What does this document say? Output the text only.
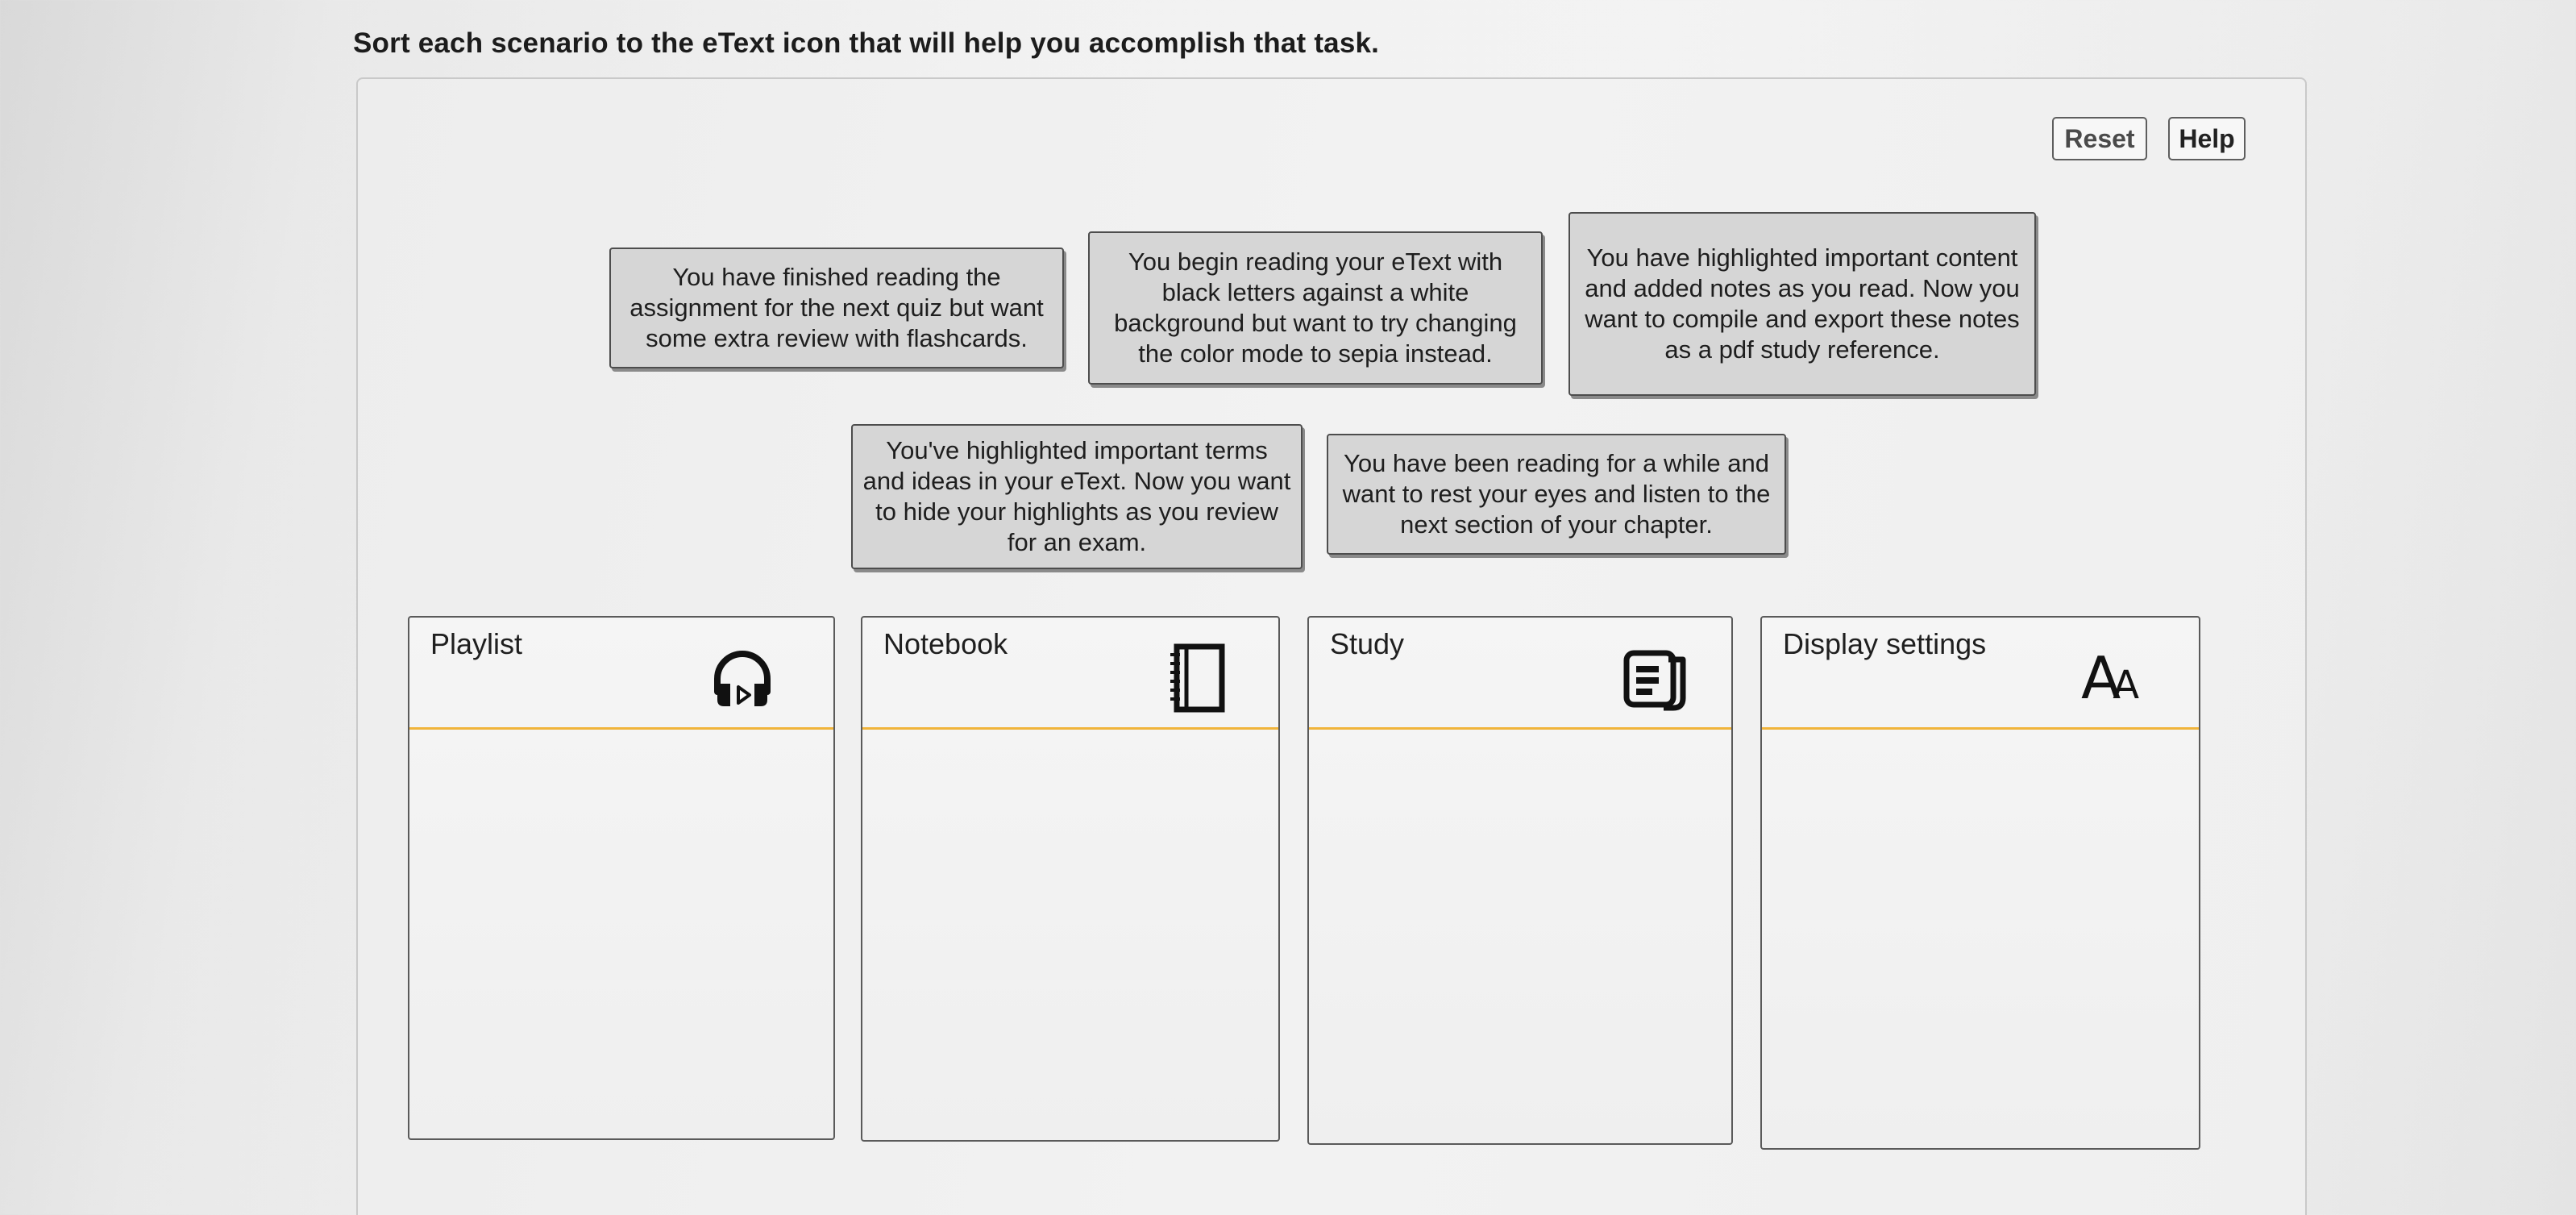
Sort each scenario to the eText icon that will help you accomplish that task.
Reset	Help
You have finished reading the assignment for the next quiz but want some extra review with flashcards.
You begin reading your eText with black letters against a white background but want to try changing the color mode to sepia instead.
You have highlighted important content and added notes as you read. Now you want to compile and export these notes as a pdf study reference.
You've highlighted important terms and ideas in your eText. Now you want to hide your highlights as you review for an exam.
You have been reading for a while and want to rest your eyes and listen to the next section of your chapter.
Playlist	Notebook	Study	Display settings
AA
